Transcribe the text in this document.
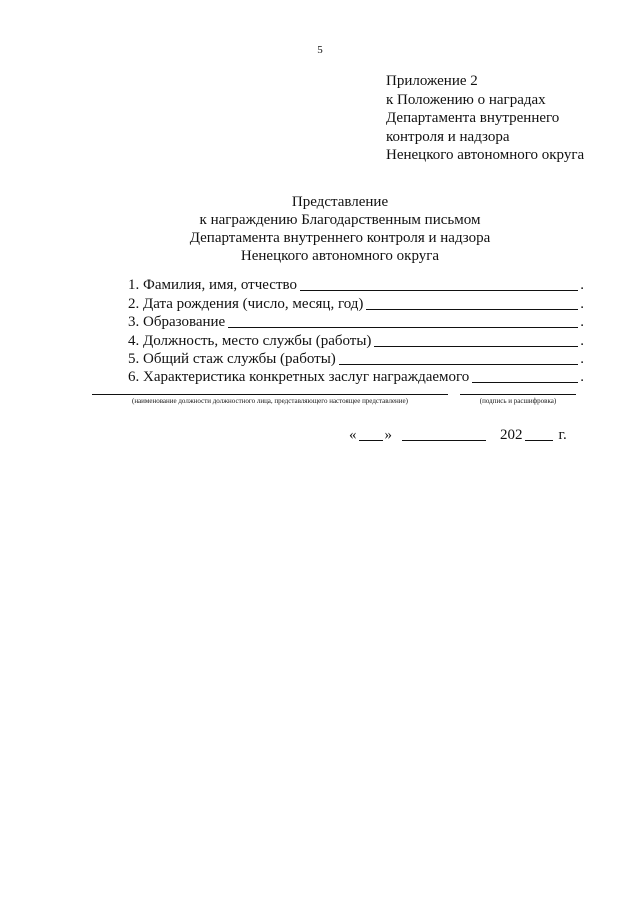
5
Приложение 2
к Положению о наградах
Департамента внутреннего
контроля и надзора
Ненецкого автономного округа
Представление
к награждению Благодарственным письмом
Департамента внутреннего контроля и надзора
Ненецкого автономного округа
1. Фамилия, имя, отчество	.
2. Дата рождения (число, месяц, год)	.
3. Образование	.
4. Должность, место службы (работы)	.
5. Общий стаж службы (работы)	.
6. Характеристика конкретных заслуг награждаемого	.
(наименование должности должностного лица, представляющего настоящее представление)	(подпись и расшифровка)
« »	202 г.
